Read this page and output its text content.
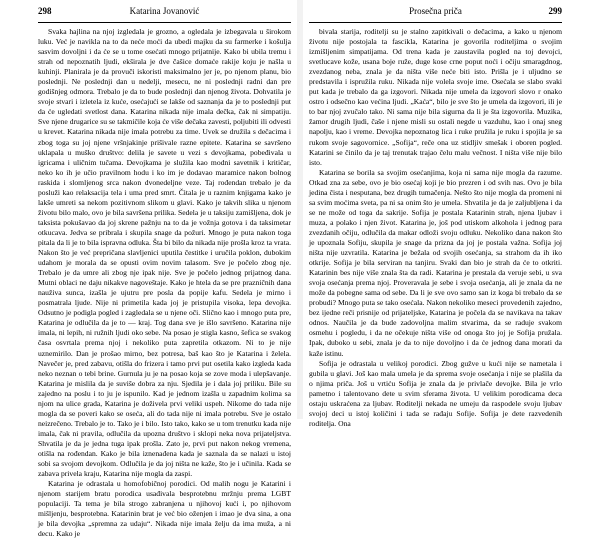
298	Katarina Jovanović

Svaka hajlina na njoj izgledala je grozno, a ogledala je izbegavala u širokom luku. Već je navikla na to da neće moći da ubedi majku da su farmerke i košulja sasvim dovoljni i da će se u tome osećati mnogo prijatnije. Kako bi ubila tremu i strah od nepoznatih ljudi, ekširala je dve čašice domaće rakije koju je našla u kuhinji. Planirala je da provuči iskoristi maksimalno jer je, po njenom planu, bio poslednji. Ne poslednji dan u nedelji, mesecu, ne ni poslednji radni dan pre godišnjeg odmora. Trebalo je da to bude poslednji dan njenog života. Dohvatila je svoje stvari i izletela iz kuće, osećajući se lakše od saznanja da je to poslednji put da će ugledati svetlost dana. Katarina nikada nije imala dečka, čak ni simpatiju. Sve njene drugarice su se takmičile koja će više dečaka zavesti, poljubiti ili odvesti u krevet. Katarina nikada nije imala potrebu za time. Uvek se družila s dečacima i zbog toga su joj njene vršnjakinje prišivale razne epitete. Katarina se savršeno uklapala u muško društvo: delila je savete u vezi s devojkama, pobeđivala u igricama i uličnim tučama. Devojkama je služila kao modni savetnik i kritičar, neko ko ih je učio pravilnom hodu i ko im je dodavao maramice nakon bolnog raskida i slomljenog srca nakon dvonedeljne veze. Taj rođendan trebalo je da posluži kao relaksacija tela i uma pred smrt. Čitala je u raznim knjigama kako je lakše umreti sa nekom pozitivnom slikom u glavi. Kako je takvih slika u njenom životu bilo malo, ovo je bila savršena prilika. Sedela je u taksiju zamišljena, dok je taksista pokušavao da joj skrene pažnju na to da je vožnja gotova i da taksimetar otkucava. Jedva se pribrala i skupila snage da požuri. Mnogo je puta nakon toga pitala da li je to bila ispravna odluka. Šta bi bilo da nikada nije prošla kroz ta vrata. Nakon što je već prepričana slavljenici uputila čestitke i uručila poklon, dubokim udahom je morala da se opusti ovim novim talasom. Sve je počelo zbog nje. Trebalo je da umre ali zbog nje ipak nije. Sve je počelo jednog prijatnog dana. Mutni oblaci ne daju nikakve nagoveštaje. Kako je htela da se pre prazničnih dana nauživa sunca, izašla je ujutru pre posla da popije kafu. Sedela je mirno i posmatrala ljude. Nije ni primetila kada joj je pristupila visoka, lepa devojka. Odsutno je podigla pogled i zagledala se u njene oči. Slično kao i mnogo puta pre, Katarina je odlučila da je to — kraj. Tog dana sve je išlo savršeno. Katarina nije imala, ni lepih, ni ružnih ljudi oko sebe. Na posao je stigla kasno, šefica se svakog časa osvrtala prema njoj i nekoliko puta zapretila otkazom. Ni to je nije uznemirilo. Dan je prošao mirno, bez potresa, baš kao što je Katarina i želela. Navečer je, pred zabavu, otišla do frizera i tamo prvi put osetila kako izgleda kada neko neznan o tebi brine. Gurnula ju je na posao koja se zove moda i ulepšavanje. Katarina je mislila da je suviše dobra za nju. Sjedila je i dala joj priliku. Bile su zajedno na poslu i to ju je ispunilo. Kad je jednom izašla u zapadnim kolima sa njom na ulice grada, Katarina je doživela prvi veliki uspeh. Nikome do tada nije mogla da se poveri kako se oseća, ali do tada nije ni imala potrebu. Sve je ostalo neizrečeno. Trebalo je to. Tako je i bilo. Isto tako, kako se u tom trenutku kada nije imala, čak ni pravila, odlučila da upozna društvo i sklopi neka nova prijateljstva. Shvatila je da je jedna tuga ipak prošla. Zato je, prvi put nakon nekog vremena, otišla na rođendan. Kako je bila iznenađena kada je saznala da se nalazi u istoj sobi sa svojom devojkom. Odlučila je da joj ništa ne kaže, što je i učinila. Kada se zabava privela kraju, Katarina nije mogla da zaspi.

Katarina je odrastala u homofobičnoj porodici. Od malih nogu je Katarini i njenom starijem bratu porodica usađivala besprotebnu mržnju prema LGBT populaciji. Ta tema je bila strogo zabranjena u njihovoj kući i, po njihovom mišljenju, besprotebna. Katarinin brat je već bio oženjen i imao je dva sina, a ona je bila devojka „spremna za udaju“. Nikada nije imala želju da ima muža, a ni decu. Kako je

Prosečna priča	299

bivala starija, roditelji su je stalno zapitkivali o dečacima, a kako u njenom životu nije postojala ta fascikla, Katarina je govorila roditeljima o svojim izmišljenim simpatijama. Od trena kada je zaustavila pogled na toj devojci, svetlucave kože, usana boje ruže, duge kose crne poput noći i očiju smaragdnog, zvezdanog neba, znala je da ništa više neće biti isto. Prišla je i uljudno se predstavila i ispružila ruku. Nikada nije volela svoje ime. Osećala se slabo svaki put kada je trebalo da ga izgovori. Nikada nije umela da izgovori slovo r onako ostro i odsečno kao većina ljudi. „Kaća“, bilo je sve što je umela da izgovori, ili je to bar njoj zvučalo tako. Ni sama nije bila sigurna da li je šta izgovorila. Muzika, žamor drugih ljudi, čaše i njene misli su ostali negde u vazduhu, kao i onaj sneg napolju, kao i vreme. Devojka nepoznatog lica i ruke pružila je ruku i spojila je sa rukom svoje sagovornice. „Sofija“, reče ona uz stidljiv smešak i oboren pogled. Katarini se činilo da je taj trenutak trajao čelu malu večnost. I ništa više nije bilo isto.

Katarina se borila sa svojim osećanjima, koja ni sama nije mogla da razume. Otkad zna za sebe, ovo je bio osećaj koji je bio prezren i od svih nas. Ovo je bila jedina čista i nesputana, bez drugih tumačenja. Nešto što nije mogla da promeni ni sa svim moćima sveta, pa ni sa onim što je umela. Shvatila je da je zaljubljena i da se ne može od toga da sakrije. Sofija je postala Katarinin strah, njena ljubav i muza, a polako i njen život. Katarina je, još pod utiskom alkohola i jednog para zvezdanih očiju, odlučila da makar odloži svoju odluku. Nekoliko dana nakon što je upoznala Sofiju, skupila je snage da prizna da joj je postala važna. Sofija joj ništa nije uzvratila. Katarina je bežala od svojih osećanja, sa strahom da ih iko otkrije. Sofija je bila serviran na tanjiru. Svaki dan bio je strah da će to otkriti. Katarinin bes nije više znala šta da radi. Katarina je prestala da veruje sebi, u sva svoja osećanja prema njoj. Proveravala je sebe i svoja osećanja, ali je znala da ne može da pobegne sama od sebe. Da li je sve ovo samo san iz koga bi trebalo da se probudi? Mnogo puta se tako osećala. Nakon nekoliko meseci provedenih zajedno, bez ijedne reči prisnije od prijateljske, Katarina je počela da se navikava na takav odnos. Naučila je da bude zadovoljna malim stvarima, da se raduje svakom osmehu i pogledu, i da ne očekuje ništa više od onoga što joj je Sofija pružala. Ipak, duboko u sebi, znala je da to nije dovoljno i da će jednog dana morati da kaže istinu.

Sofija je odrastala u velikoj porodici. Zbog gužve u kući nije se nametala i gubila u glavi. Još kao mala umela je da sprema svoje osećanja i nije se plašila da o njima priča. Još u vrtiću Sofija je znala da je privlače devojke. Bila je vrlo pametno i talentovano dete u svim sferama života. U velikim porodicama deca ostaju uskraćena za ljubav. Roditelji nekada ne umeju da raspodele svoju ljubav svojoj deci u istoj količini i tada se rađaju Sofije. Sofija je dete razvedenih roditelja. Ona
